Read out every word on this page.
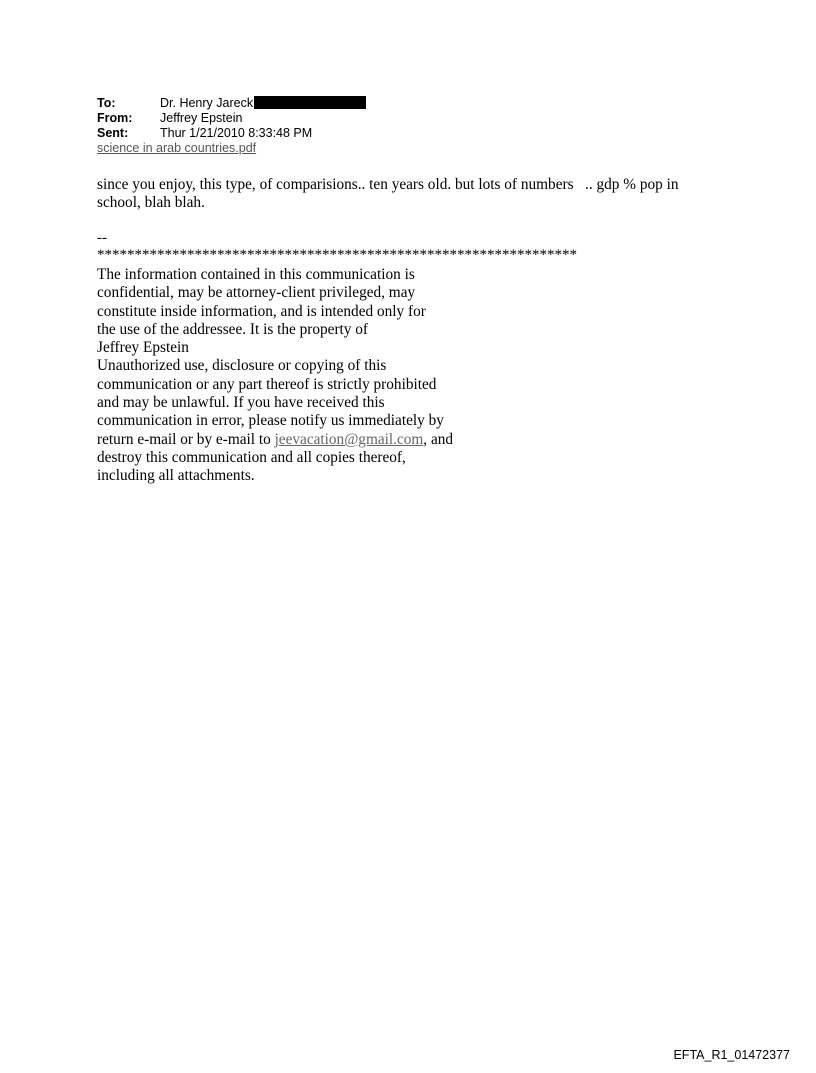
To:	Dr. Henry Jareck
From:	Jeffrey Epstein
Sent:	Thur 1/21/2010 8:33:48 PM
science in arab countries.pdf
since you enjoy, this type, of comparisions.. ten years old. but lots of numbers   .. gdp % pop in
school, blah blah.
--
****************************************************************
The information contained in this communication is
confidential, may be attorney-client privileged, may
constitute inside information, and is intended only for
the use of the addressee. It is the property of
Jeffrey Epstein
Unauthorized use, disclosure or copying of this
communication or any part thereof is strictly prohibited
and may be unlawful. If you have received this
communication in error, please notify us immediately by
return e-mail or by e-mail to jeevacation@gmail.com, and
destroy this communication and all copies thereof,
including all attachments.
EFTA_R1_01472377
